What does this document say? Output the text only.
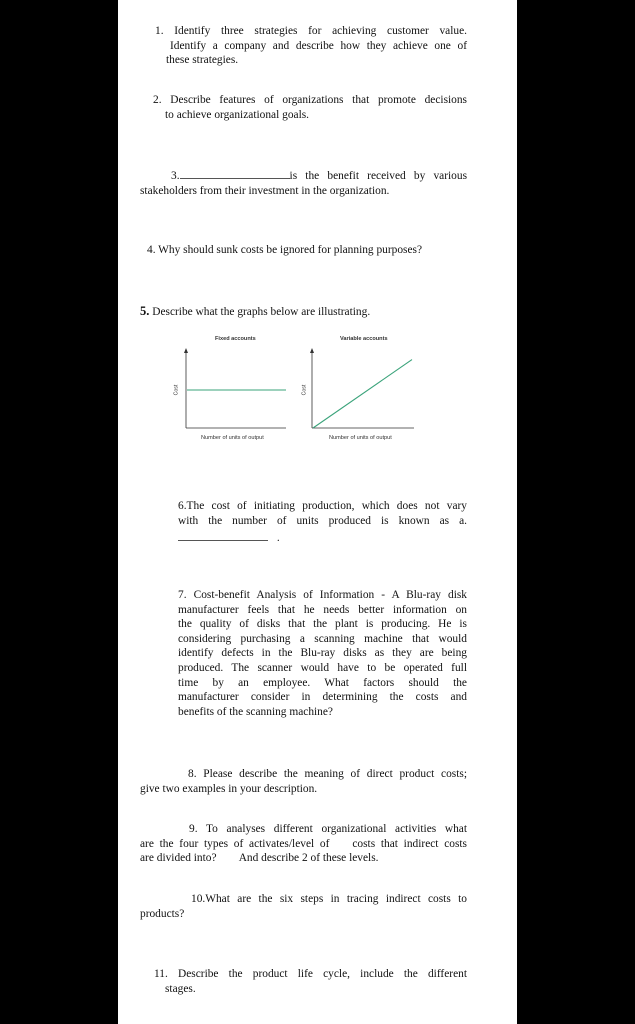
1. Identify three strategies for achieving customer value.

Identify a company and describe how they achieve one of

these strategies.

2. Describe features of organizations that promote decisions

to achieve organizational goals.

3.	is the benefit received by various

stakeholders from their investment in the organization.

4. Why should sunk costs be ignored for planning purposes?

5. Describe what the graphs below are illustrating.

Fixed accounts
Cost
Number of units of output
Variable accounts
Cost
Number of units of output

6.The cost of initiating production, which does not vary

with the number of units produced is known as a.

.

7. Cost-benefit Analysis of Information - A Blu-ray disk

manufacturer feels that he needs better information on

the quality of disks that the plant is producing. He is

considering purchasing a scanning machine that would

identify defects in the Blu-ray disks as they are being

produced. The scanner would have to be operated full

time by an employee. What factors should the

manufacturer consider in determining the costs and

benefits of the scanning machine?

8. Please describe the meaning of direct product costs;

give two examples in your description.

9. To analyses different organizational activities what

are the four types of activates/level of    costs that indirect costs

are divided into?        And describe 2 of these levels.

10.What are the six steps in tracing indirect costs to

products?

11. Describe the product life cycle, include the different

stages.
